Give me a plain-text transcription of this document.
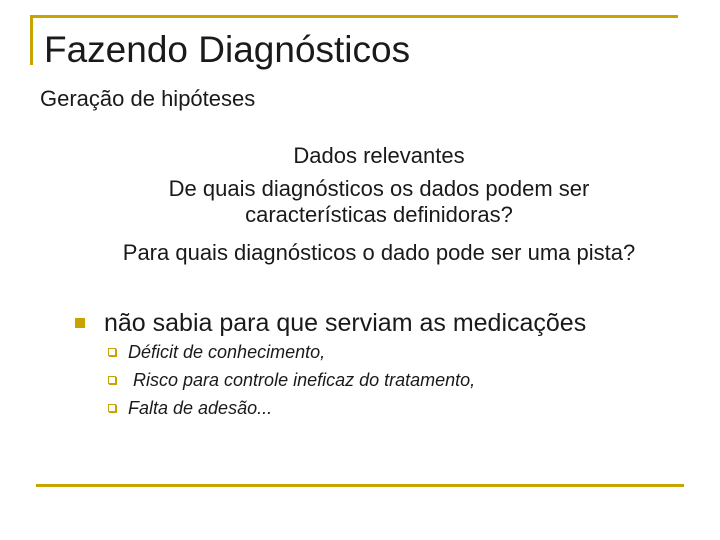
Fazendo Diagnósticos
Geração de hipóteses
Dados relevantes
De quais diagnósticos os dados podem ser
características definidoras?
Para quais diagnósticos o dado pode ser uma pista?
não sabia para que serviam as medicações
Déficit de conhecimento,
Risco para controle ineficaz do tratamento,
Falta de adesão...
